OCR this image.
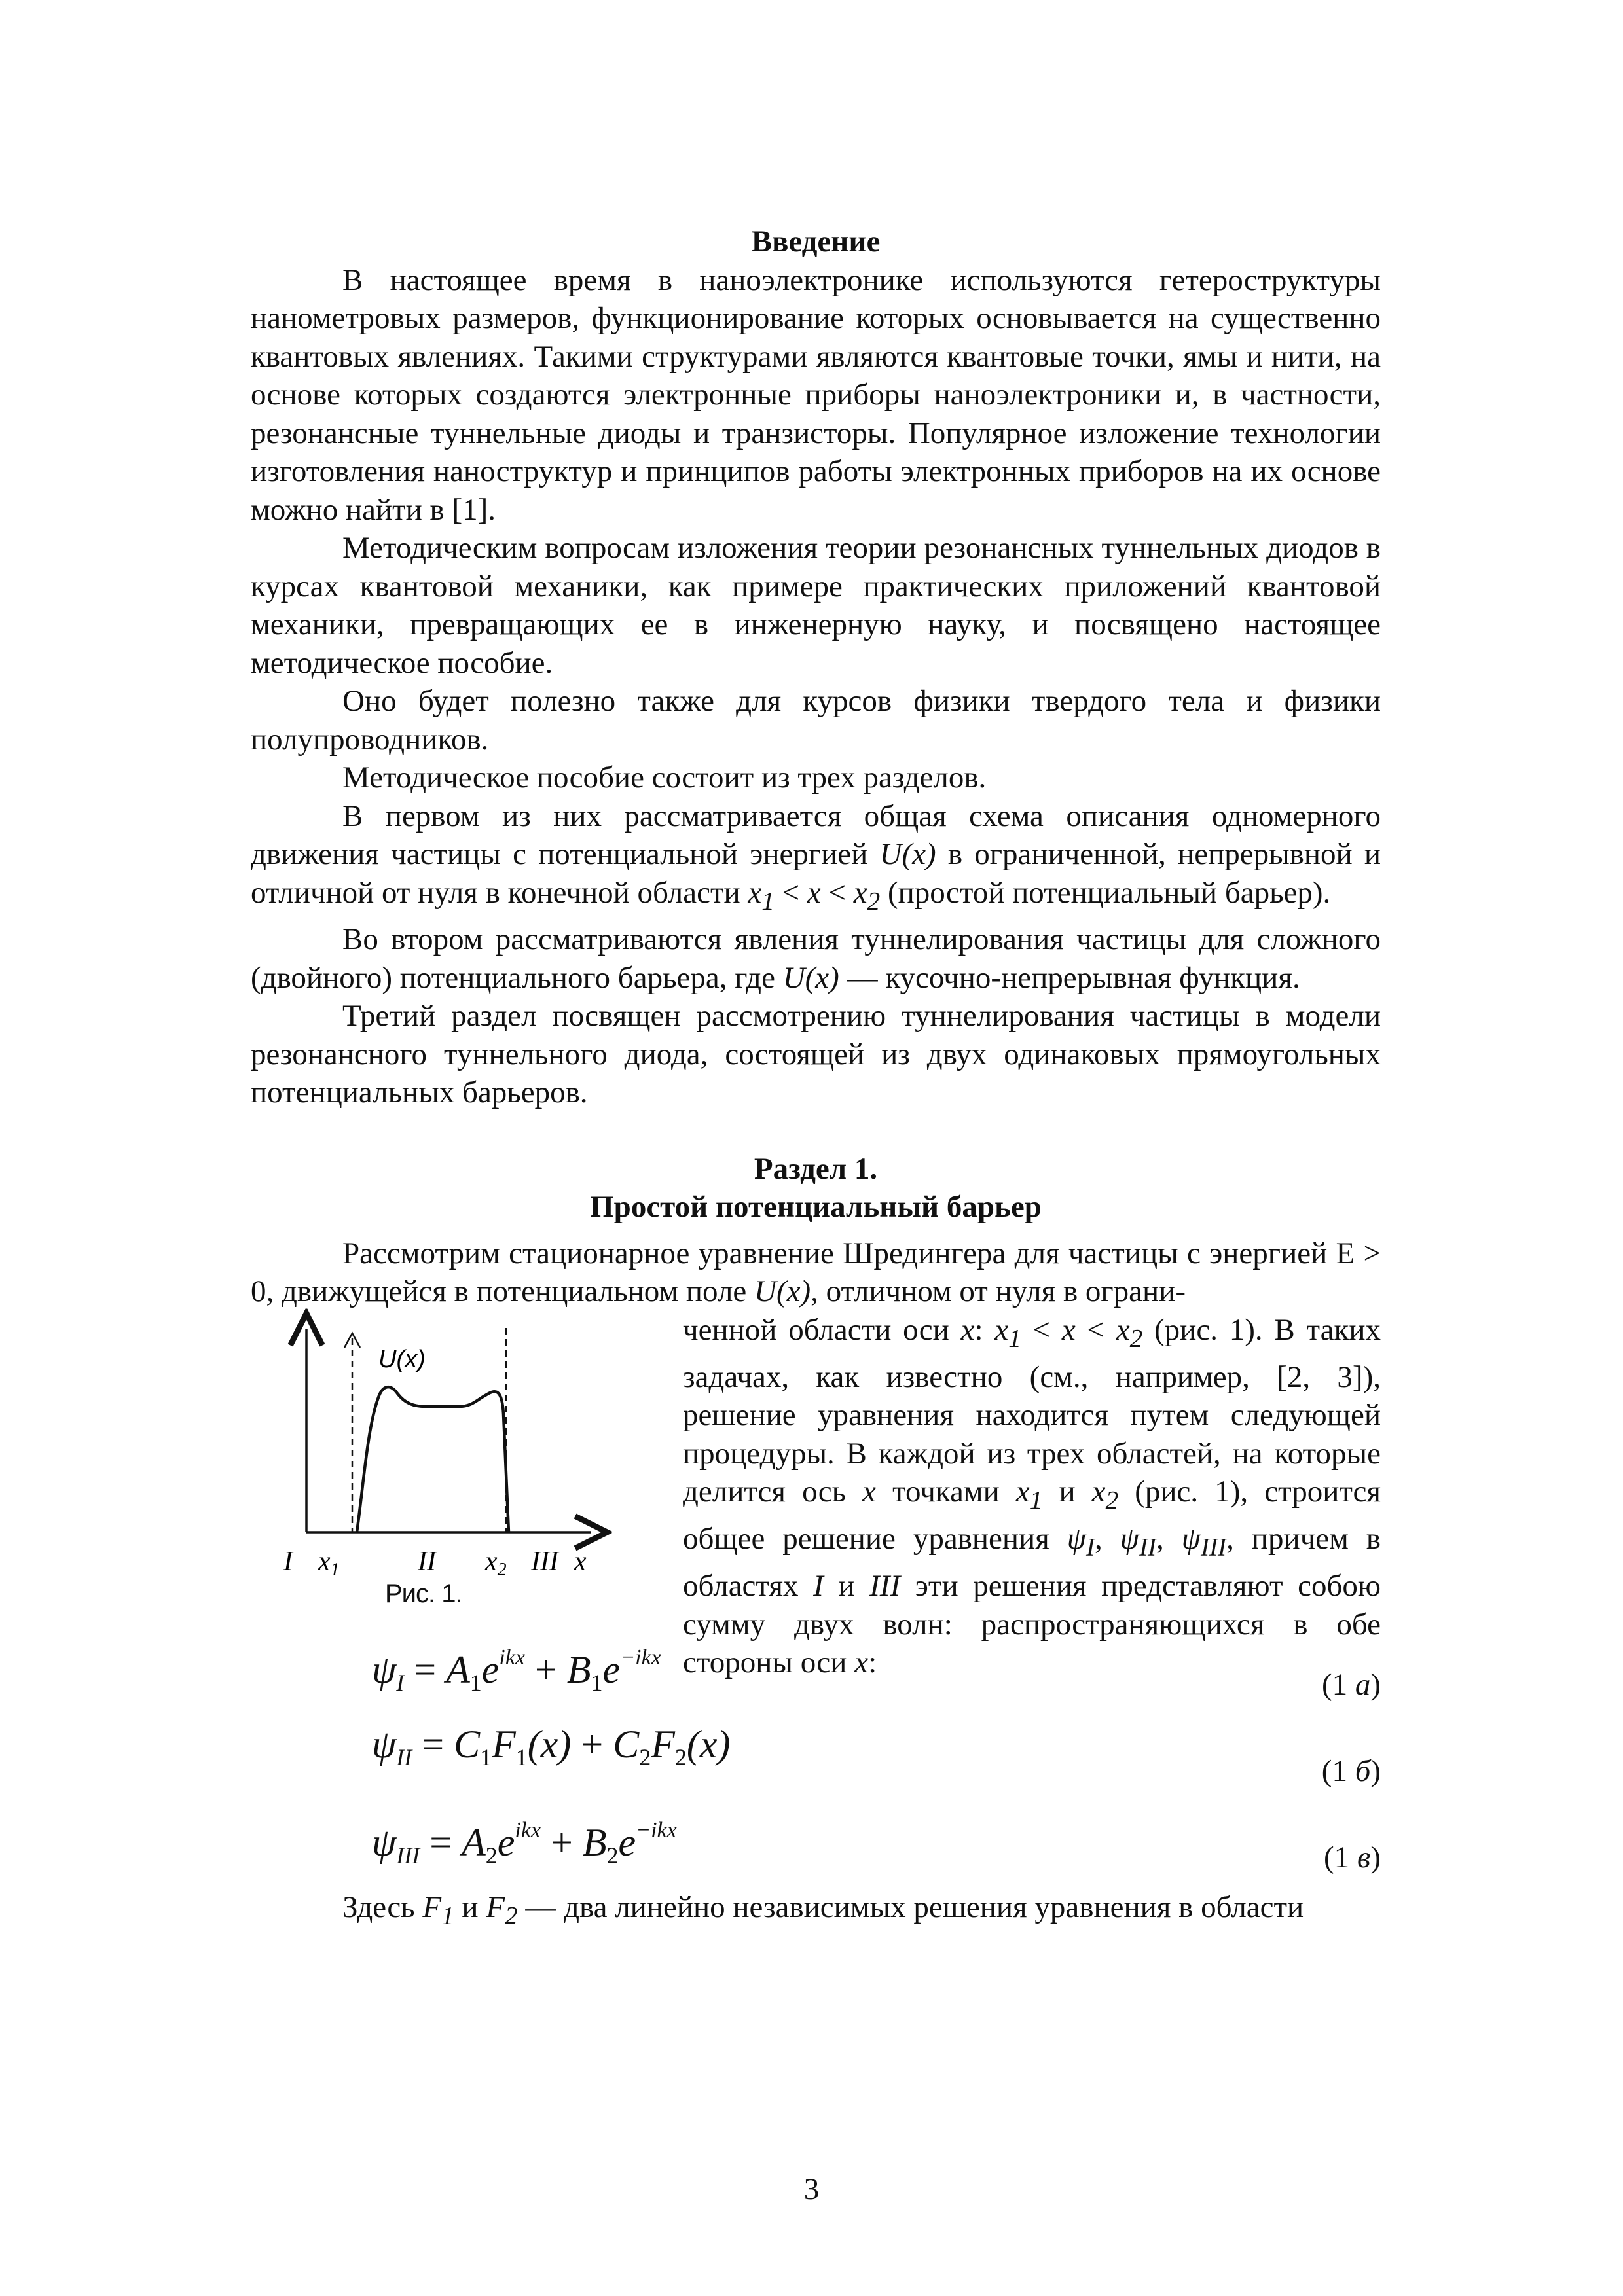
Введение

В настоящее время в наноэлектронике используются гетероструктуры нанометровых размеров, функционирование которых основывается на существенно квантовых явлениях. Такими структурами являются квантовые точки, ямы и нити, на основе которых создаются электронные приборы наноэлектроники и, в частности, резонансные туннельные диоды и транзисторы. Популярное изложение технологии изготовления наноструктур и принципов работы электронных приборов на их основе можно найти в [1].

Методическим вопросам изложения теории резонансных туннельных диодов в курсах квантовой механики, как примере практических приложений квантовой механики, превращающих ее в инженерную науку, и посвящено настоящее методическое пособие.

Оно будет полезно также для курсов физики твердого тела и физики полупроводников.

Методическое пособие состоит из трех разделов.

В первом из них рассматривается общая схема описания одномерного движения частицы с потенциальной энергией U(x) в ограниченной, непрерывной и отличной от нуля в конечной области $x_1 < x < x_2$ (простой потенциальный барьер).

Во втором рассматриваются явления туннелирования частицы для сложного (двойного) потенциального барьера, где U(x) — кусочно-непрерывная функция.

Третий раздел посвящен рассмотрению туннелирования частицы в модели резонансного туннельного диода, состоящей из двух одинаковых прямоугольных потенциальных барьеров.

Раздел 1.
Простой потенциальный барьер

Рассмотрим стационарное уравнение Шредингера для частицы с энергией E > 0, движущейся в потенциальном поле U(x), отличном от нуля в ограни-

U(x)
I x1	II x2 III x
Рис. 1.
ченной области оси x: $x_1 < x < x_2$ (рис. 1). В таких задачах, как известно (см., например, [2, 3]), решение уравнения находится путем следующей процедуры. В каждой из трех областей, на которые делится ось x точками $x_1$ и $x_2$ (рис. 1), строится общее решение уравнения $\psi_I$, $\psi_{II}$, $\psi_{III}$, причем в областях I и III эти решения представляют собою сумму двух волн: распространяющихся в обе стороны оси x:
$\psi_I = A_1e^{ikx} + B_1e^{-ikx}$
(1 а)
$\psi_{II} = C_1F_1(x) + C_2F_2(x)$
(1 б)
$\psi_{III} = A_2e^{ikx} + B_2e^{-ikx}$
(1 в)

Здесь $F_1$ и $F_2$ — два линейно независимых решения уравнения в области

3
